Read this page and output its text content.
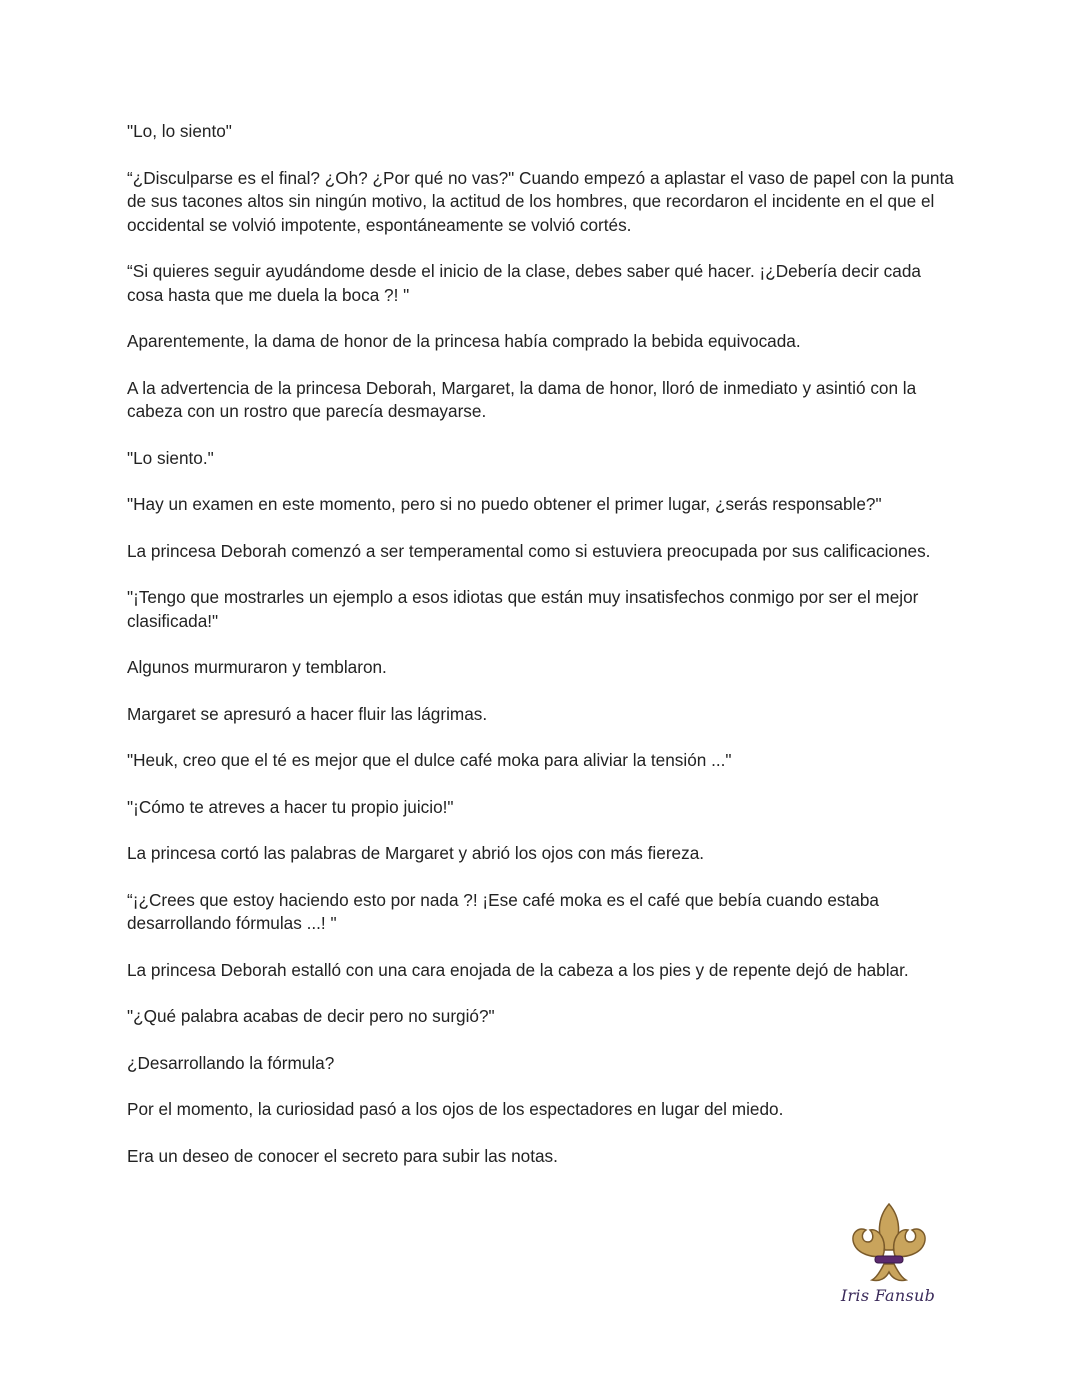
"Lo, lo siento"

“¿Disculparse es el final? ¿Oh? ¿Por qué no vas?" Cuando empezó a aplastar el vaso de papel con la punta de sus tacones altos sin ningún motivo, la actitud de los hombres, que recordaron el incidente en el que el occidental se volvió impotente, espontáneamente se volvió cortés.

“Si quieres seguir ayudándome desde el inicio de la clase, debes saber qué hacer. ¡¿Debería decir cada cosa hasta que me duela la boca ?! "

Aparentemente, la dama de honor de la princesa había comprado la bebida equivocada.

A la advertencia de la princesa Deborah, Margaret, la dama de honor, lloró de inmediato y asintió con la cabeza con un rostro que parecía desmayarse.

"Lo siento."

"Hay un examen en este momento, pero si no puedo obtener el primer lugar, ¿serás responsable?"

La princesa Deborah comenzó a ser temperamental como si estuviera preocupada por sus calificaciones.

"¡Tengo que mostrarles un ejemplo a esos idiotas que están muy insatisfechos conmigo por ser el mejor clasificada!"

Algunos murmuraron y temblaron.

Margaret se apresuró a hacer fluir las lágrimas.

"Heuk, creo que el té es mejor que el dulce café moka para aliviar la tensión ..."

"¡Cómo te atreves a hacer tu propio juicio!"

La princesa cortó las palabras de Margaret y abrió los ojos con más fiereza.

“¡¿Crees que estoy haciendo esto por nada ?! ¡Ese café moka es el café que bebía cuando estaba desarrollando fórmulas ...! "

La princesa Deborah estalló con una cara enojada de la cabeza a los pies y de repente dejó de hablar.

"¿Qué palabra acabas de decir pero no surgió?"

¿Desarrollando la fórmula?

Por el momento, la curiosidad pasó a los ojos de los espectadores en lugar del miedo.

Era un deseo de conocer el secreto para subir las notas.

Iris Fansub
